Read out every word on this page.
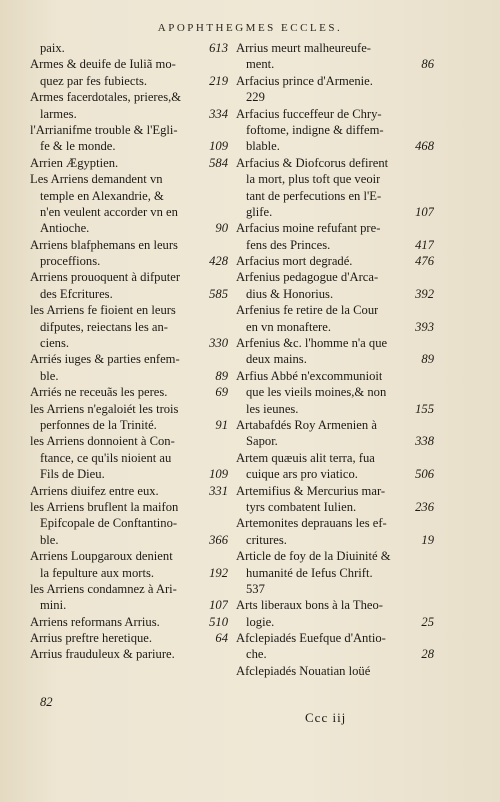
APOPHTHEGMES ECCLES.
paix.	613
Armes & deuife de Iuliã mo-
quez par fes fubiects.	219
Armes facerdotales, prieres,&
larmes.	334
l'Arrianifme trouble & l'Egli-
fe & le monde.	109
Arrien Ægyptien.	584
Les Arriens demandent vn
temple en Alexandrie, &
n'en veulent accorder vn en
Antioche.	90
Arriens blafphemans en leurs
proceffions.	428
Arriens prouoquent à difputer
des Efcritures.	585
les Arriens fe fioient en leurs
difputes, reiectans les an-
ciens.	330
Arriés iuges & parties enfem-
ble.	89
Arriés ne receuãs les peres.	69
les Arriens n'egaloiét les trois
perfonnes de la Trinité.	91
les Arriens donnoient à Con-
ftance, ce qu'ils nioient au
Fils de Dieu.	109
Arriens diuifez entre eux.	331
les Arriens bruflent la maifon
Epifcopale de Conftantino-
ble.	366
Arriens Loupgaroux denient
la fepulture aux morts.	192
les Arriens condamnez à Ari-
mini.	107
Arriens reformans Arrius.	510
Arrius preftre heretique.	64
Arrius frauduleux & pariure.
Arrius meurt malheureufe-
ment.	86
Arfacius prince d'Armenie.
229
Arfacius fucceffeur de Chry-
foftome, indigne & diffem-
blable.	468
Arfacius & Diofcorus defirent
la mort, plus toft que veoir
tant de perfecutions en l'E-
glife.	107
Arfacius moine refufant pre-
fens des Princes.	417
Arfacius mort degradé.	476
Arfenius pedagogue d'Arca-
dius & Honorius.	392
Arfenius fe retire de la Cour
en vn monaftere.	393
Arfenius &c. l'homme n'a que
deux mains.	89
Arfius Abbé n'excommunioit
que les vieils moines,& non
les ieunes.	155
Artabafdés Roy Armenien à
Sapor.	338
Artem quæuis alit terra, fua
cuique ars pro viatico.	506
Artemifius & Mercurius mar-
tyrs combatent Iulien.	236
Artemonites deprauans les ef-
critures.	19
Article de foy de la Diuinité &
humanité de Iefus Chrift.
537
Arts liberaux bons à la Theo-
logie.	25
Afclepiadés Euefque d'Antio-
che.	28
Afclepiadés Nouatian loüé
82
Ccc iij
